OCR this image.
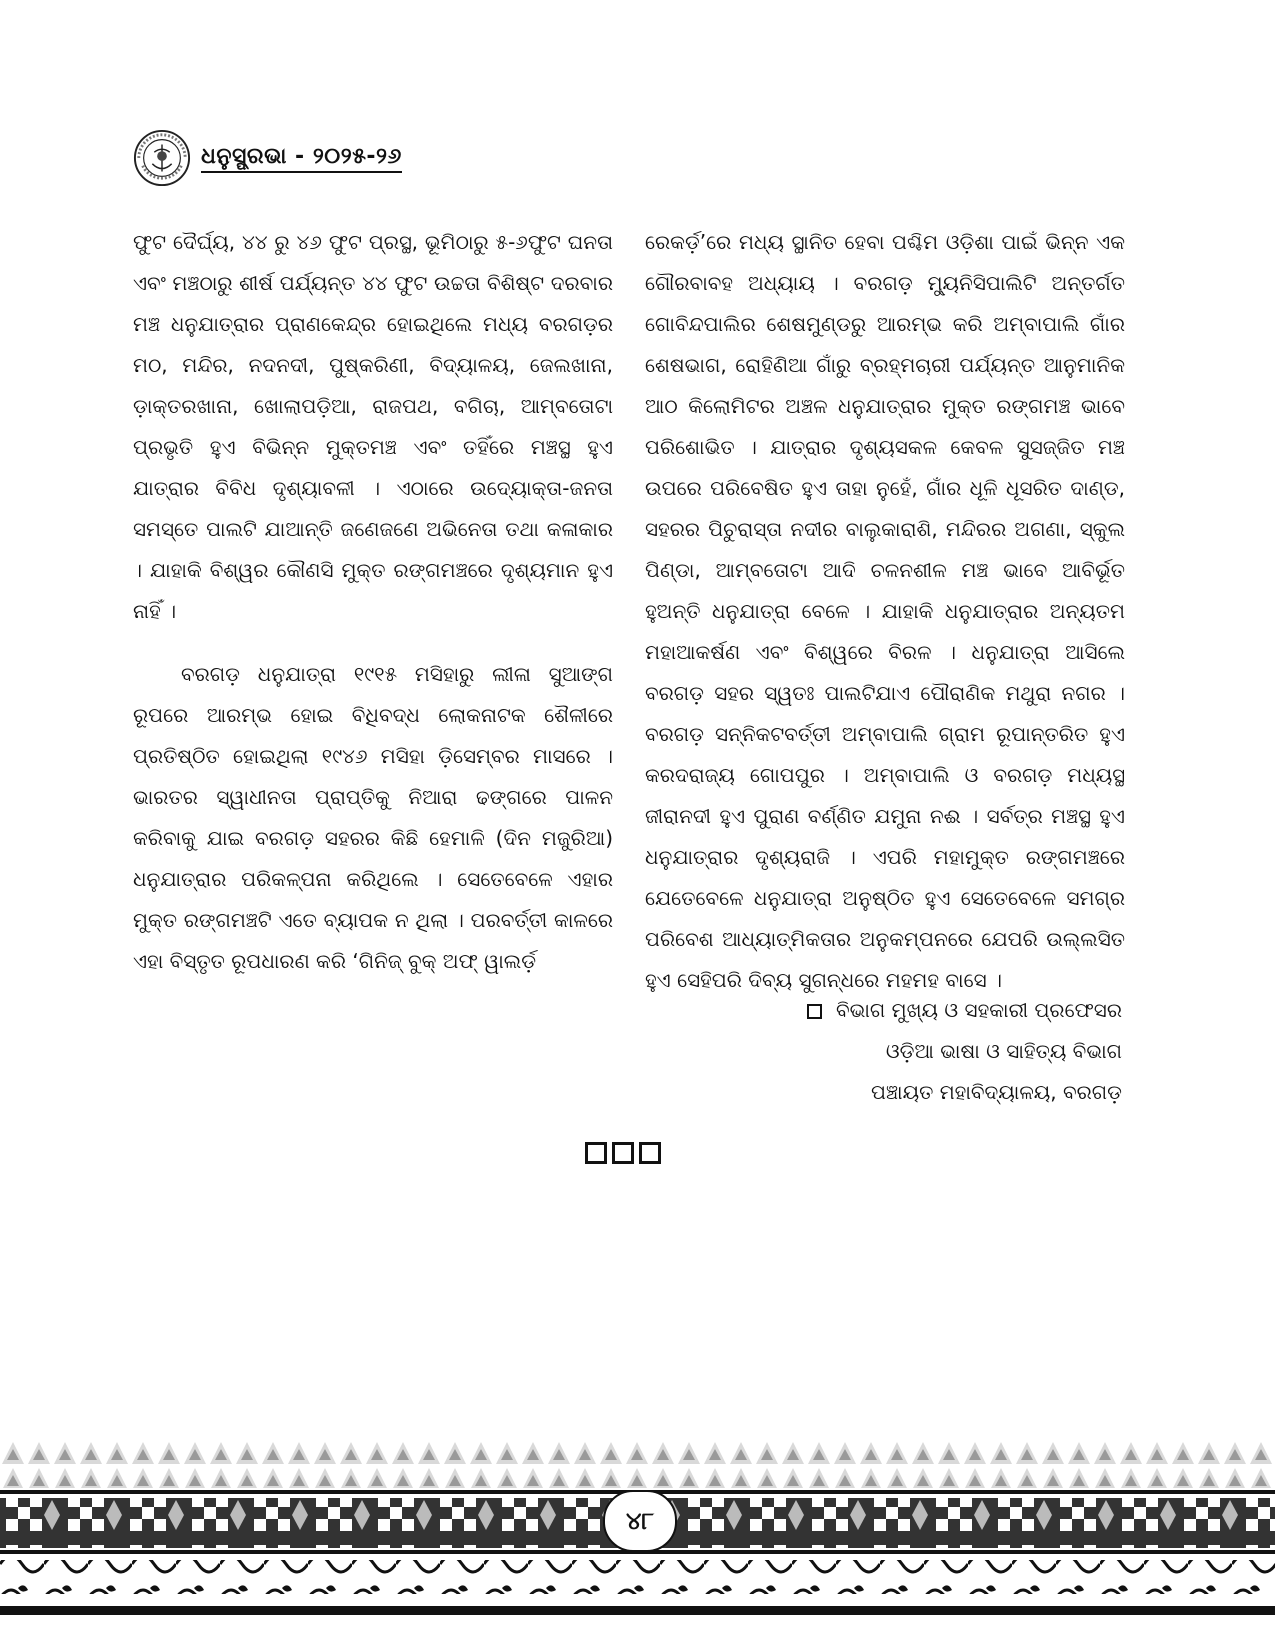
ଧନୁସ୍ପ୍ରଭା - ୨୦୨୫-୨୬

ଫୁଟ ଦୈର୍ଘ୍ୟ, ୪୪ ରୁ ୪୬ ଫୁଟ ପ୍ରସ୍ଥ, ଭୂମିଠାରୁ ୫-୬ଫୁଟ ଘନତା ଏବଂ ମଞ୍ଚଠାରୁ ଶୀର୍ଷ ପର୍ଯ୍ୟନ୍ତ ୪୪ ଫୁଟ ଉଚ୍ଚତା ବିଶିଷ୍ଟ ଦରବାର ମଞ୍ଚ ଧନୁଯାତ୍ରାର ପ୍ରାଣକେନ୍ଦ୍ର ହୋଇଥିଲେ ମଧ୍ୟ ବରଗଡ଼ର ମଠ, ମନ୍ଦିର, ନଦନଦୀ, ପୁଷ୍କରିଣୀ, ବିଦ୍ୟାଳୟ, ଜେଲଖାନା, ଡ଼ାକ୍ତରଖାନା, ଖୋଲାପଡ଼ିଆ, ରାଜପଥ, ବଗିଚା, ଆମ୍ବତୋଟା ପ୍ରଭୃତି ହୁଏ ବିଭିନ୍ନ ମୁକ୍ତମଞ୍ଚ ଏବଂ ତହିଁରେ ମଞ୍ଚସ୍ଥ ହୁଏ ଯାତ୍ରାର ବିବିଧ ଦୃଶ୍ୟାବଳୀ । ଏଠାରେ ଉଦ୍ୟୋକ୍ତା-ଜନତା ସମସ୍ତେ ପାଲଟି ଯାଆନ୍ତି ଜଣେଜଣେ ଅଭିନେତା ତଥା କଳାକାର । ଯାହାକି ବିଶ୍ୱର କୌଣସି ମୁକ୍ତ ରଙ୍ଗମଞ୍ଚରେ ଦୃଶ୍ୟମାନ ହୁଏ ନାହିଁ ।

ବରଗଡ଼ ଧନୁଯାତ୍ରା ୧୯୧୫ ମସିହାରୁ ଲୀଳା ସୁଆଙ୍ଗ ରୂପରେ ଆରମ୍ଭ ହୋଇ ବିଧିବଦ୍ଧ ଲୋକନାଟକ ଶୈଳୀରେ ପ୍ରତିଷ୍ଠିତ ହୋଇଥିଲା ୧୯୪୬ ମସିହା ଡ଼ିସେମ୍ବର ମାସରେ । ଭାରତର ସ୍ୱାଧୀନତା ପ୍ରାପ୍ତିକୁ ନିଆରା ଢଙ୍ଗରେ ପାଳନ କରିବାକୁ ଯାଇ ବରଗଡ଼ ସହରର କିଛି ହେମାଳି (ଦିନ ମଜୁରିଆ) ଧନୁଯାତ୍ରାର ପରିକଳ୍ପନା କରିଥିଲେ । ସେତେବେଳେ ଏହାର ମୁକ୍ତ ରଙ୍ଗମଞ୍ଚଟି ଏତେ ବ୍ୟାପକ ନ ଥିଲା । ପରବର୍ତ୍ତୀ କାଳରେ ଏହା ବିସ୍ତୃତ ରୂପଧାରଣ କରି ‘ଗିନିଜ୍ ବୁକ୍ ଅଫ୍ ୱାଲର୍ଡ଼

ରେକର୍ଡ଼’ରେ ମଧ୍ୟ ସ୍ଥାନିତ ହେବା ପଶ୍ଚିମ ଓଡ଼ିଶା ପାଇଁ ଭିନ୍ନ ଏକ ଗୌରବାବହ ଅଧ୍ୟାୟ । ବରଗଡ଼ ମ୍ୟୁନିସିପାଲିଟି ଅନ୍ତର୍ଗତ ଗୋବିନ୍ଦପାଲିର ଶେଷମୁଣ୍ଡରୁ ଆରମ୍ଭ କରି ଅମ୍ବାପାଲି ଗାଁର ଶେଷଭାଗ, ରୋହିଣିଆ ଗାଁରୁ ବ୍ରହ୍ମଚାରୀ ପର୍ଯ୍ୟନ୍ତ ଆନୁମାନିକ ଆଠ କିଲୋମିଟର ଅଞ୍ଚଳ ଧନୁଯାତ୍ରାର ମୁକ୍ତ ରଙ୍ଗମଞ୍ଚ ଭାବେ ପରିଶୋଭିତ । ଯାତ୍ରାର ଦୃଶ୍ୟସକଳ କେବଳ ସୁସଜ୍ଜିତ ମଞ୍ଚ ଉପରେ ପରିବେଷିତ ହୁଏ ତାହା ନୁହେଁ, ଗାଁର ଧୂଳି ଧୂସରିତ ଦାଣ୍ଡ, ସହରର ପିଚୁରାସ୍ତା ନଦୀର ବାଲୁକାରାଶି, ମନ୍ଦିରର ଅଗଣା, ସ୍କୁଲ ପିଣ୍ଡା, ଆମ୍ବତୋଟା ଆଦି ଚଳନଶୀଳ ମଞ୍ଚ ଭାବେ ଆବିର୍ଭୂତ ହୁଅନ୍ତି ଧନୁଯାତ୍ରା ବେଳେ । ଯାହାକି ଧନୁଯାତ୍ରାର ଅନ୍ୟତମ ମହାଆକର୍ଷଣ ଏବଂ ବିଶ୍ୱରେ ବିରଳ । ଧନୁଯାତ୍ରା ଆସିଲେ ବରଗଡ଼ ସହର ସ୍ୱତଃ ପାଲଟିଯାଏ ପୌରାଣିକ ମଥୁରା ନଗର । ବରଗଡ଼ ସନ୍ନିକଟବର୍ତ୍ତୀ ଅମ୍ବାପାଲି ଗ୍ରାମ ରୂପାନ୍ତରିତ ହୁଏ କରଦରାଜ୍ୟ ଗୋପପୁର । ଅମ୍ବାପାଲି ଓ ବରଗଡ଼ ମଧ୍ୟସ୍ଥ ଜୀରାନଦୀ ହୁଏ ପୁରାଣ ବର୍ଣ୍ଣିତ ଯମୁନା ନଈ । ସର୍ବତ୍ର ମଞ୍ଚସ୍ଥ ହୁଏ ଧନୁଯାତ୍ରାର ଦୃଶ୍ୟରାଜି । ଏପରି ମହାମୁକ୍ତ ରଙ୍ଗମଞ୍ଚରେ ଯେତେବେଳେ ଧନୁଯାତ୍ରା ଅନୁଷ୍ଠିତ ହୁଏ ସେତେବେଳେ ସମଗ୍ର ପରିବେଶ ଆଧ୍ୟାତ୍ମିକତାର ଅନୁକମ୍ପନରେ ଯେପରି ଉଲ୍ଲସିତ ହୁଏ ସେହିପରି ଦିବ୍ୟ ସୁଗନ୍ଧରେ ମହମହ ବାସେ ।

ବିଭାଗ ମୁଖ୍ୟ ଓ ସହକାରୀ ପ୍ରଫେସର
ଓଡ଼ିଆ ଭାଷା ଓ ସାହିତ୍ୟ ବିଭାଗ
ପଞ୍ଚାୟତ ମହାବିଦ୍ୟାଳୟ, ବରଗଡ଼
୪୮
